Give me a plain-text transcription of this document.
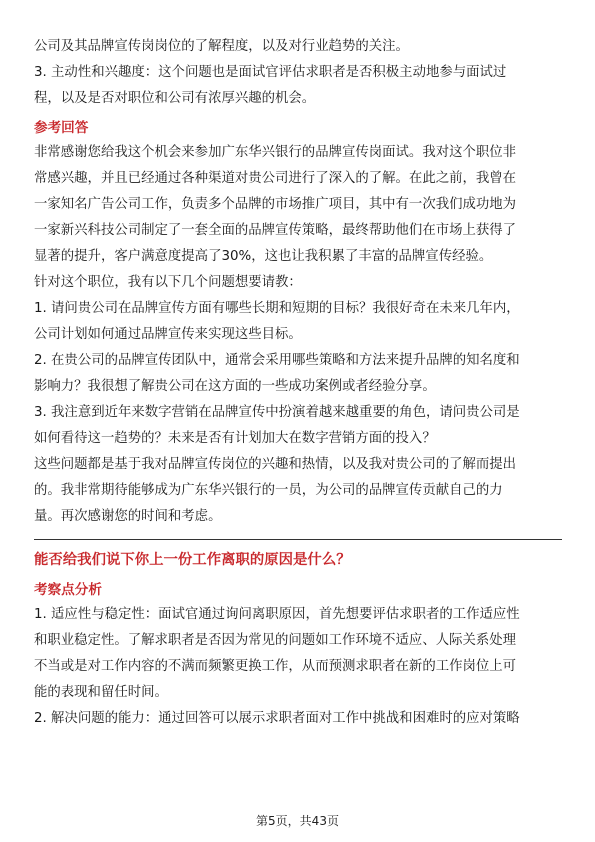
公司及其品牌宣传岗岗位的了解程度，以及对行业趋势的关注。

3. 主动性和兴趣度：这个问题也是面试官评估求职者是否积极主动地参与面试过

程，以及是否对职位和公司有浓厚兴趣的机会。

参考回答

非常感谢您给我这个机会来参加广东华兴银行的品牌宣传岗面试。我对这个职位非

常感兴趣，并且已经通过各种渠道对贵公司进行了深入的了解。在此之前，我曾在

一家知名广告公司工作，负责多个品牌的市场推广项目，其中有一次我们成功地为

一家新兴科技公司制定了一套全面的品牌宣传策略，最终帮助他们在市场上获得了

显著的提升，客户满意度提高了30%，这也让我积累了丰富的品牌宣传经验。

针对这个职位，我有以下几个问题想要请教：

1. 请问贵公司在品牌宣传方面有哪些长期和短期的目标？我很好奇在未来几年内，

公司计划如何通过品牌宣传来实现这些目标。

2. 在贵公司的品牌宣传团队中，通常会采用哪些策略和方法来提升品牌的知名度和

影响力？我很想了解贵公司在这方面的一些成功案例或者经验分享。

3. 我注意到近年来数字营销在品牌宣传中扮演着越来越重要的角色，请问贵公司是

如何看待这一趋势的？未来是否有计划加大在数字营销方面的投入？

这些问题都是基于我对品牌宣传岗位的兴趣和热情，以及我对贵公司的了解而提出

的。我非常期待能够成为广东华兴银行的一员，为公司的品牌宣传贡献自己的力

量。再次感谢您的时间和考虑。

能否给我们说下你上一份工作离职的原因是什么？
考察点分析

1. 适应性与稳定性：面试官通过询问离职原因，首先想要评估求职者的工作适应性

和职业稳定性。了解求职者是否因为常见的问题如工作环境不适应、人际关系处理

不当或是对工作内容的不满而频繁更换工作，从而预测求职者在新的工作岗位上可

能的表现和留任时间。

2. 解决问题的能力：通过回答可以展示求职者面对工作中挑战和困难时的应对策略

第5页，共43页
